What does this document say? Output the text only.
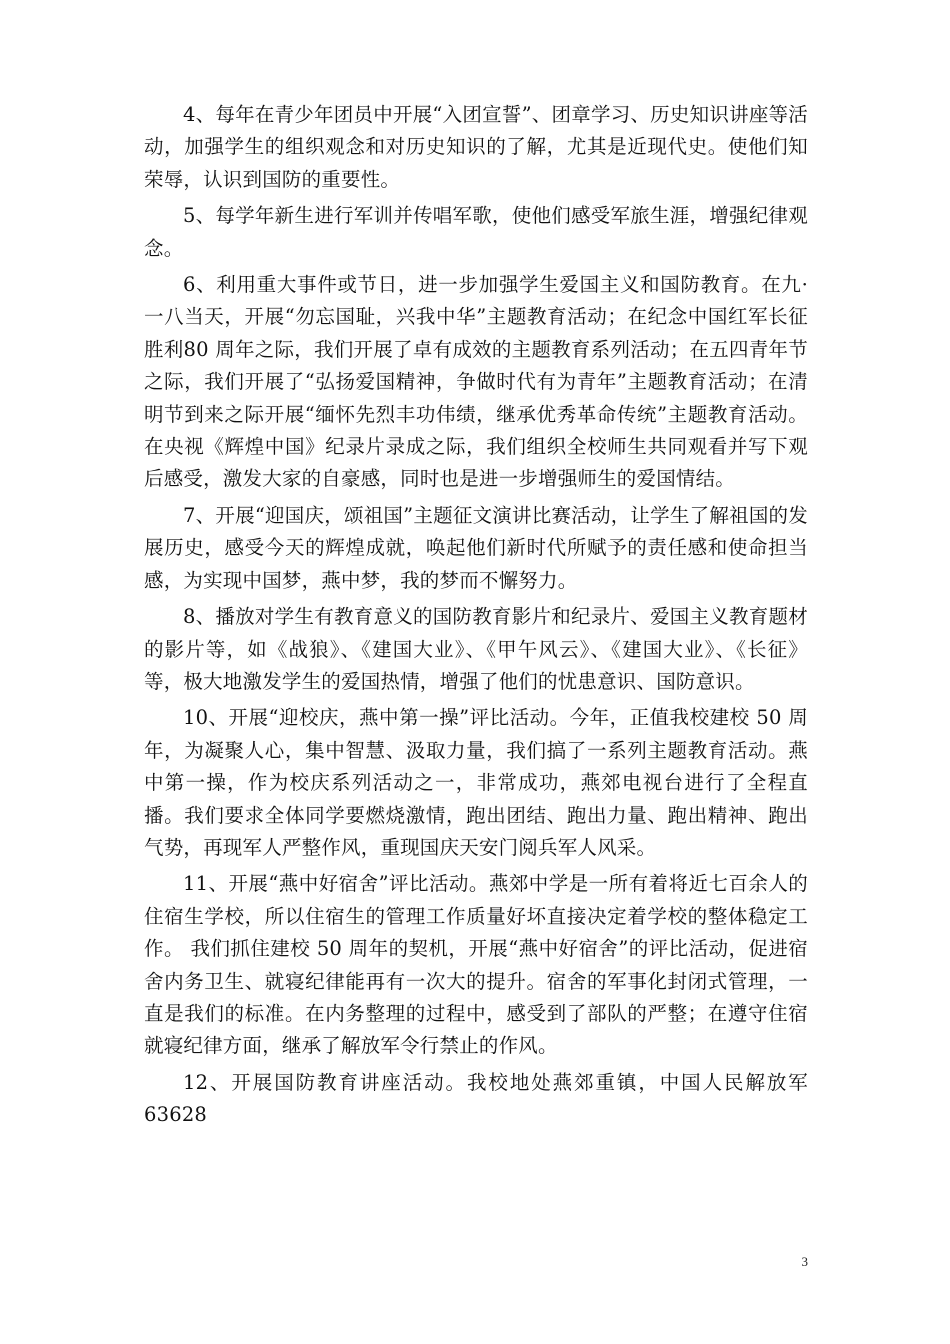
4、每年在青少年团员中开展“入团宣誓”、团章学习、历史知识讲座等活动，加强学生的组织观念和对历史知识的了解，尤其是近现代史。使他们知荣辱，认识到国防的重要性。

5、每学年新生进行军训并传唱军歌，使他们感受军旅生涯，增强纪律观念。

6、利用重大事件或节日，进一步加强学生爱国主义和国防教育。在九·一八当天，开展“勿忘国耻，兴我中华”主题教育活动；在纪念中国红军长征胜利80 周年之际，我们开展了卓有成效的主题教育系列活动；在五四青年节之际，我们开展了“弘扬爱国精神，争做时代有为青年”主题教育活动；在清明节到来之际开展“缅怀先烈丰功伟绩，继承优秀革命传统”主题教育活动。在央视《辉煌中国》纪录片录成之际，我们组织全校师生共同观看并写下观后感受，激发大家的自豪感，同时也是进一步增强师生的爱国情结。

7、开展“迎国庆，颂祖国”主题征文演讲比赛活动，让学生了解祖国的发展历史，感受今天的辉煌成就，唤起他们新时代所赋予的责任感和使命担当感，为实现中国梦，燕中梦，我的梦而不懈努力。

8、播放对学生有教育意义的国防教育影片和纪录片、爱国主义教育题材的影片等，如《战狼》、《建国大业》、《甲午风云》、《建国大业》、《长征》等，极大地激发学生的爱国热情，增强了他们的忧患意识、国防意识。

10、开展“迎校庆，燕中第一操”评比活动。今年，正值我校建校 50 周年，为凝聚人心，集中智慧、汲取力量，我们搞了一系列主题教育活动。燕中第一操，作为校庆系列活动之一，非常成功，燕郊电视台进行了全程直播。我们要求全体同学要燃烧激情，跑出团结、跑出力量、跑出精神、跑出气势，再现军人严整作风，重现国庆天安门阅兵军人风采。

11、开展“燕中好宿舍”评比活动。燕郊中学是一所有着将近七百余人的住宿生学校，所以住宿生的管理工作质量好坏直接决定着学校的整体稳定工作。 我们抓住建校 50 周年的契机，开展“燕中好宿舍”的评比活动，促进宿舍内务卫生、就寝纪律能再有一次大的提升。宿舍的军事化封闭式管理，一直是我们的标准。在内务整理的过程中，感受到了部队的严整；在遵守住宿就寝纪律方面，继承了解放军令行禁止的作风。

12、开展国防教育讲座活动。我校地处燕郊重镇，中国人民解放军 63628

3
